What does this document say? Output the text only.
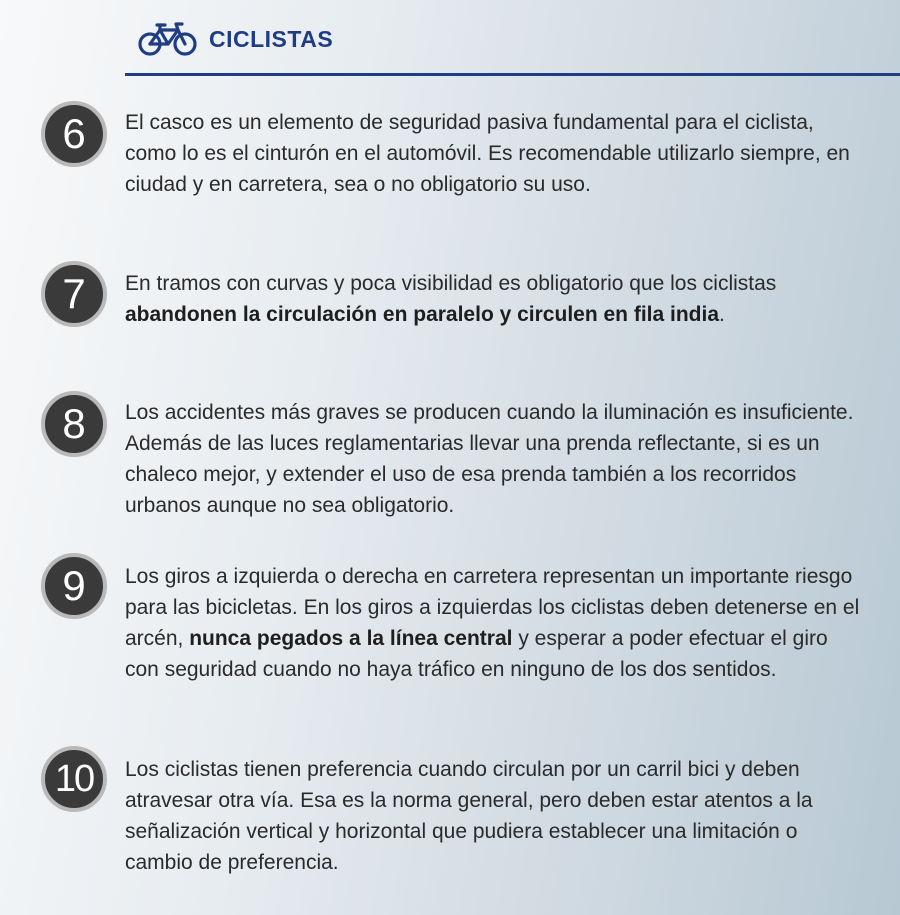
CICLISTAS
6	El casco es un elemento de seguridad pasiva fundamental para el ciclista, como lo es el cinturón en el automóvil. Es recomendable utilizarlo siempre, en ciudad y en carretera, sea o no obligatorio su uso.

7	En tramos con curvas y poca visibilidad es obligatorio que los ciclistas abandonen la circulación en paralelo y circulen en fila india.

8	Los accidentes más graves se producen cuando la iluminación es insuficiente. Además de las luces reglamentarias llevar una prenda reflectante, si es un chaleco mejor, y extender el uso de esa prenda también a los recorridos urbanos aunque no sea obligatorio.

9	Los giros a izquierda o derecha en carretera representan un importante riesgo para las bicicletas. En los giros a izquierdas los ciclistas deben detenerse en el arcén, nunca pegados a la línea central y esperar a poder efectuar el giro con seguridad cuando no haya tráfico en ninguno de los dos sentidos.

10	Los ciclistas tienen preferencia cuando circulan por un carril bici y deben atravesar otra vía. Esa es la norma general, pero deben estar atentos a la señalización vertical y horizontal que pudiera establecer una limitación o cambio de preferencia.
